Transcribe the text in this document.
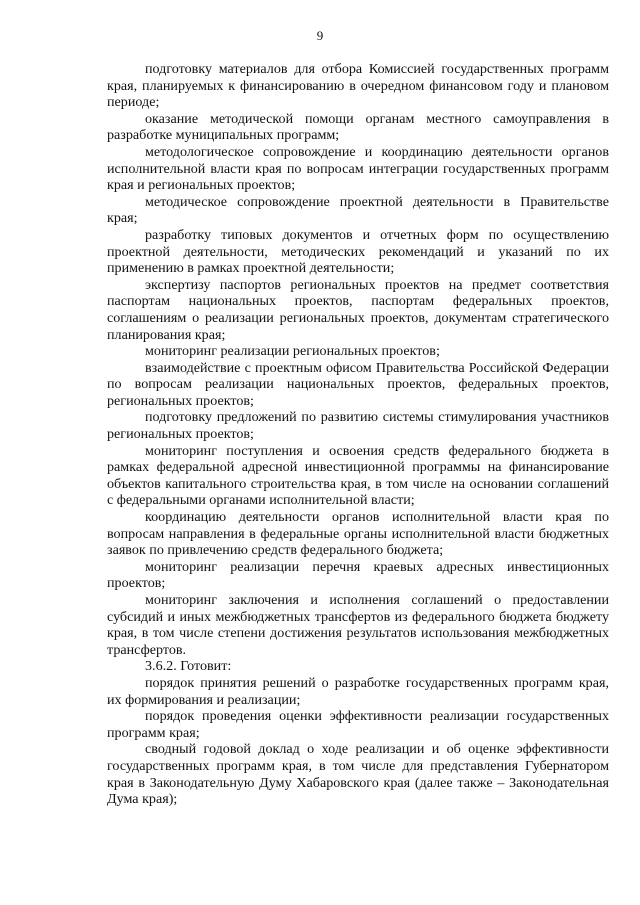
9

подготовку материалов для отбора Комиссией государственных программ края, планируемых к финансированию в очередном финансовом году и плановом периоде;

оказание методической помощи органам местного самоуправления в разработке муниципальных программ;

методологическое сопровождение и координацию деятельности органов исполнительной власти края по вопросам интеграции государственных программ края и региональных проектов;

методическое сопровождение проектной деятельности в Правительстве края;

разработку типовых документов и отчетных форм по осуществлению проектной деятельности, методических рекомендаций и указаний по их применению в рамках проектной деятельности;

экспертизу паспортов региональных проектов на предмет соответствия паспортам национальных проектов, паспортам федеральных проектов, соглашениям о реализации региональных проектов, документам стратегического планирования края;

мониторинг реализации региональных проектов;

взаимодействие с проектным офисом Правительства Российской Федерации по вопросам реализации национальных проектов, федеральных проектов, региональных проектов;

подготовку предложений по развитию системы стимулирования участников региональных проектов;

мониторинг поступления и освоения средств федерального бюджета в рамках федеральной адресной инвестиционной программы на финансирование объектов капитального строительства края, в том числе на основании соглашений с федеральными органами исполнительной власти;

координацию деятельности органов исполнительной власти края по вопросам направления в федеральные органы исполнительной власти бюджетных заявок по привлечению средств федерального бюджета;

мониторинг реализации перечня краевых адресных инвестиционных проектов;

мониторинг заключения и исполнения соглашений о предоставлении субсидий и иных межбюджетных трансфертов из федерального бюджета бюджету края, в том числе степени достижения результатов использования межбюджетных трансфертов.

3.6.2. Готовит:

порядок принятия решений о разработке государственных программ края, их формирования и реализации;

порядок проведения оценки эффективности реализации государственных программ края;

сводный годовой доклад о ходе реализации и об оценке эффективности государственных программ края, в том числе для представления Губернатором края в Законодательную Думу Хабаровского края (далее также – Законодательная Дума края);
